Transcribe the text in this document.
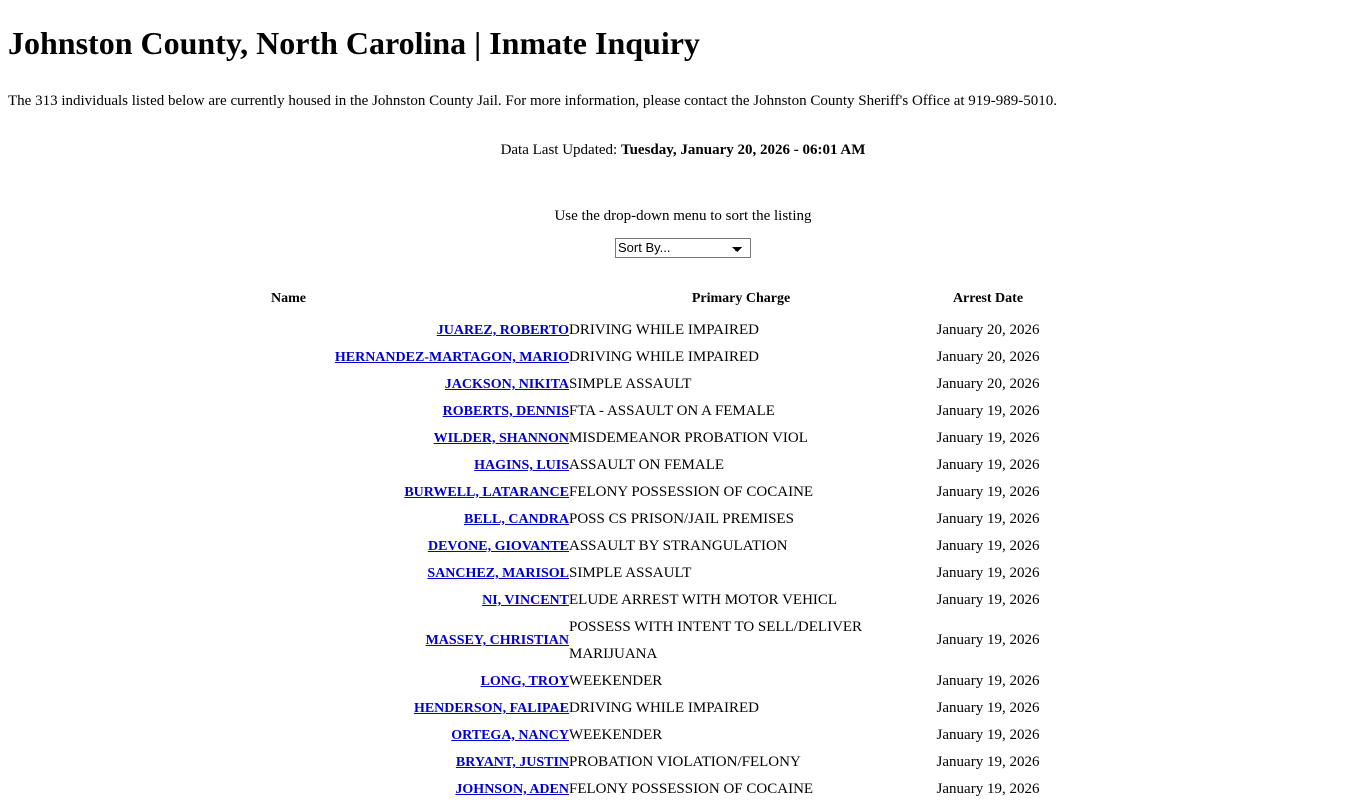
Johnston County, North Carolina | Inmate Inquiry

The 313 individuals listed below are currently housed in the Johnston County Jail. For more information, please contact the Johnston County Sheriff's Office at 919-989-5010.

Data Last Updated: Tuesday, January 20, 2026 - 06:01 AM

Use the drop-down menu to sort the listing

Sort By...
Name	Primary Charge	Arrest Date	
JUAREZ, ROBERTO	DRIVING WHILE IMPAIRED	January 20, 2026	
HERNANDEZ-MARTAGON, MARIO	DRIVING WHILE IMPAIRED	January 20, 2026	
JACKSON, NIKITA	SIMPLE ASSAULT	January 20, 2026	
ROBERTS, DENNIS	FTA - ASSAULT ON A FEMALE	January 19, 2026	
WILDER, SHANNON	MISDEMEANOR PROBATION VIOL	January 19, 2026	
HAGINS, LUIS	ASSAULT ON FEMALE	January 19, 2026	
BURWELL, LATARANCE	FELONY POSSESSION OF COCAINE	January 19, 2026	
BELL, CANDRA	POSS CS PRISON/JAIL PREMISES	January 19, 2026	
DEVONE, GIOVANTE	ASSAULT BY STRANGULATION	January 19, 2026	
SANCHEZ, MARISOL	SIMPLE ASSAULT	January 19, 2026	
NI, VINCENT	ELUDE ARREST WITH MOTOR VEHICL	January 19, 2026	
MASSEY, CHRISTIAN	POSSESS WITH INTENT TO SELL/DELIVER MARIJUANA	January 19, 2026	
LONG, TROY	WEEKENDER	January 19, 2026	
HENDERSON, FALIPAE	DRIVING WHILE IMPAIRED	January 19, 2026	
ORTEGA, NANCY	WEEKENDER	January 19, 2026	
BRYANT, JUSTIN	PROBATION VIOLATION/FELONY	January 19, 2026	
JOHNSON, ADEN	FELONY POSSESSION OF COCAINE	January 19, 2026	
